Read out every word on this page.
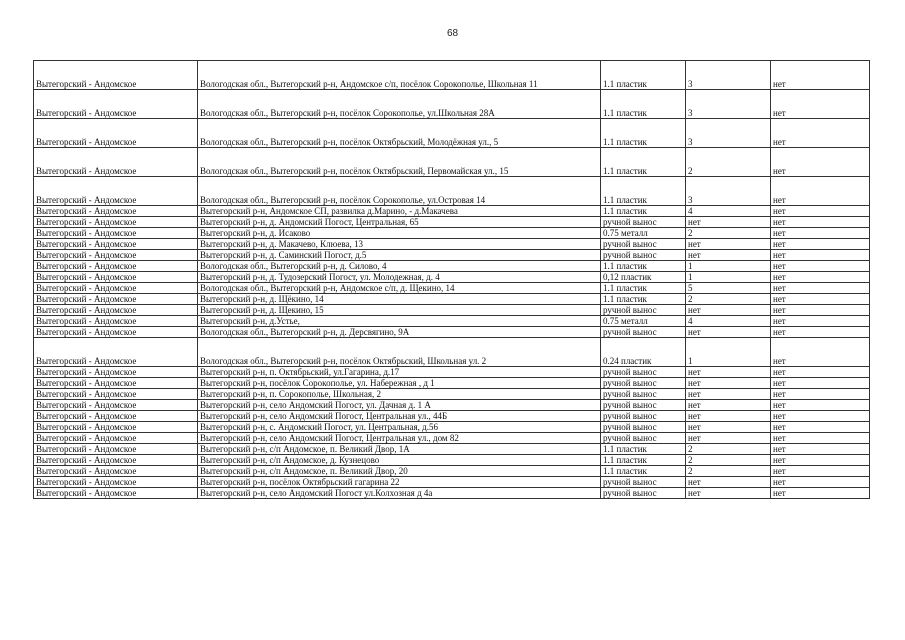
68
Вытегорский - Андомское	Вологодская обл., Вытегорский р-н, Андомское с/п, посёлок Сорокополье, Школьная 11	1.1 пластик	3	нет
Вытегорский - Андомское	Вологодская обл., Вытегорский р-н, посёлок Сорокополье, ул.Школьная 28А	1.1 пластик	3	нет
Вытегорский - Андомское	Вологодская обл., Вытегорский р-н, посёлок Октябрьский, Молодёжная ул., 5	1.1 пластик	3	нет
Вытегорский - Андомское	Вологодская обл., Вытегорский р-н, посёлок Октябрьский, Первомайская ул., 15	1.1 пластик	2	нет
Вытегорский - Андомское	Вологодская обл., Вытегорский р-н, посёлок Сорокополье, ул.Островая 14	1.1 пластик	3	нет
Вытегорский - Андомское	Вытегорский р-н, Андомское СП, развилка д.Марино, - д.Макачева	1.1 пластик	4	нет
Вытегорский - Андомское	Вытегорский р-н, д. Андомский Погост, Центральная, 65	ручной вынос	нет	нет
Вытегорский - Андомское	Вытегорский р-н, д. Исаково	0.75 металл	2	нет
Вытегорский - Андомское	Вытегорский р-н, д. Макачево, Клюева, 13	ручной вынос	нет	нет
Вытегорский - Андомское	Вытегорский р-н, д. Саминский Погост, д.5	ручной вынос	нет	нет
Вытегорский - Андомское	Вологодская обл., Вытегорский р-н, д. Силово, 4	1.1 пластик	1	нет
Вытегорский - Андомское	Вытегорский р-н, д. Тудозерский Погост, ул. Молодежная, д. 4	0,12 пластик	1	нет
Вытегорский - Андомское	Вологодская обл., Вытегорский р-н, Андомское с/п, д. Щекино, 14	1.1 пластик	5	нет
Вытегорский - Андомское	Вытегорский р-н, д. Щёкино, 14	1.1 пластик	2	нет
Вытегорский - Андомское	Вытегорский р-н, д. Щекино, 15	ручной вынос	нет	нет
Вытегорский - Андомское	Вытегорский р-н, д.Устье,	0.75 металл	4	нет
Вытегорский - Андомское	Вологодская обл., Вытегорский р-н, д. Дерсвягино, 9А	ручной вынос	нет	нет
Вытегорский - Андомское	Вологодская обл., Вытегорский р-н, посёлок Октябрьский, Школьная ул. 2	0.24 пластик	1	нет
Вытегорский - Андомское	Вытегорский р-н, п. Октябрьский, ул.Гагарина, д.17	ручной вынос	нет	нет
Вытегорский - Андомское	Вытегорский р-н, посёлок Сорокополье, ул. Набережная , д 1	ручной вынос	нет	нет
Вытегорский - Андомское	Вытегорский р-н, п. Сорокополье, Школьная, 2	ручной вынос	нет	нет
Вытегорский - Андомское	Вытегорский р-н, село Андомский Погост, ул. Дачная д. 1 А	ручной вынос	нет	нет
Вытегорский - Андомское	Вытегорский р-н, село Андомский Погост, Центральная ул., 44Б	ручной вынос	нет	нет
Вытегорский - Андомское	Вытегорский р-н, с. Андомский Погост, ул. Центральная, д.56	ручной вынос	нет	нет
Вытегорский - Андомское	Вытегорский р-н, село Андомский Погост, Центральная ул., дом 82	ручной вынос	нет	нет
Вытегорский - Андомское	Вытегорский р-н, с/п Андомское, п. Великий Двор, 1А	1.1 пластик	2	нет
Вытегорский - Андомское	Вытегорский р-н, с/п Андомское, д. Кузнецово	1.1 пластик	2	нет
Вытегорский - Андомское	Вытегорский р-н, с/п Андомское, п. Великий Двор, 20	1.1 пластик	2	нет
Вытегорский - Андомское	Вытегорский р-н, посёлок Октябрьский гагарина 22	ручной вынос	нет	нет
Вытегорский - Андомское	Вытегорский р-н, село Андомский Погост ул.Колхозная д 4а	ручной вынос	нет	нет
